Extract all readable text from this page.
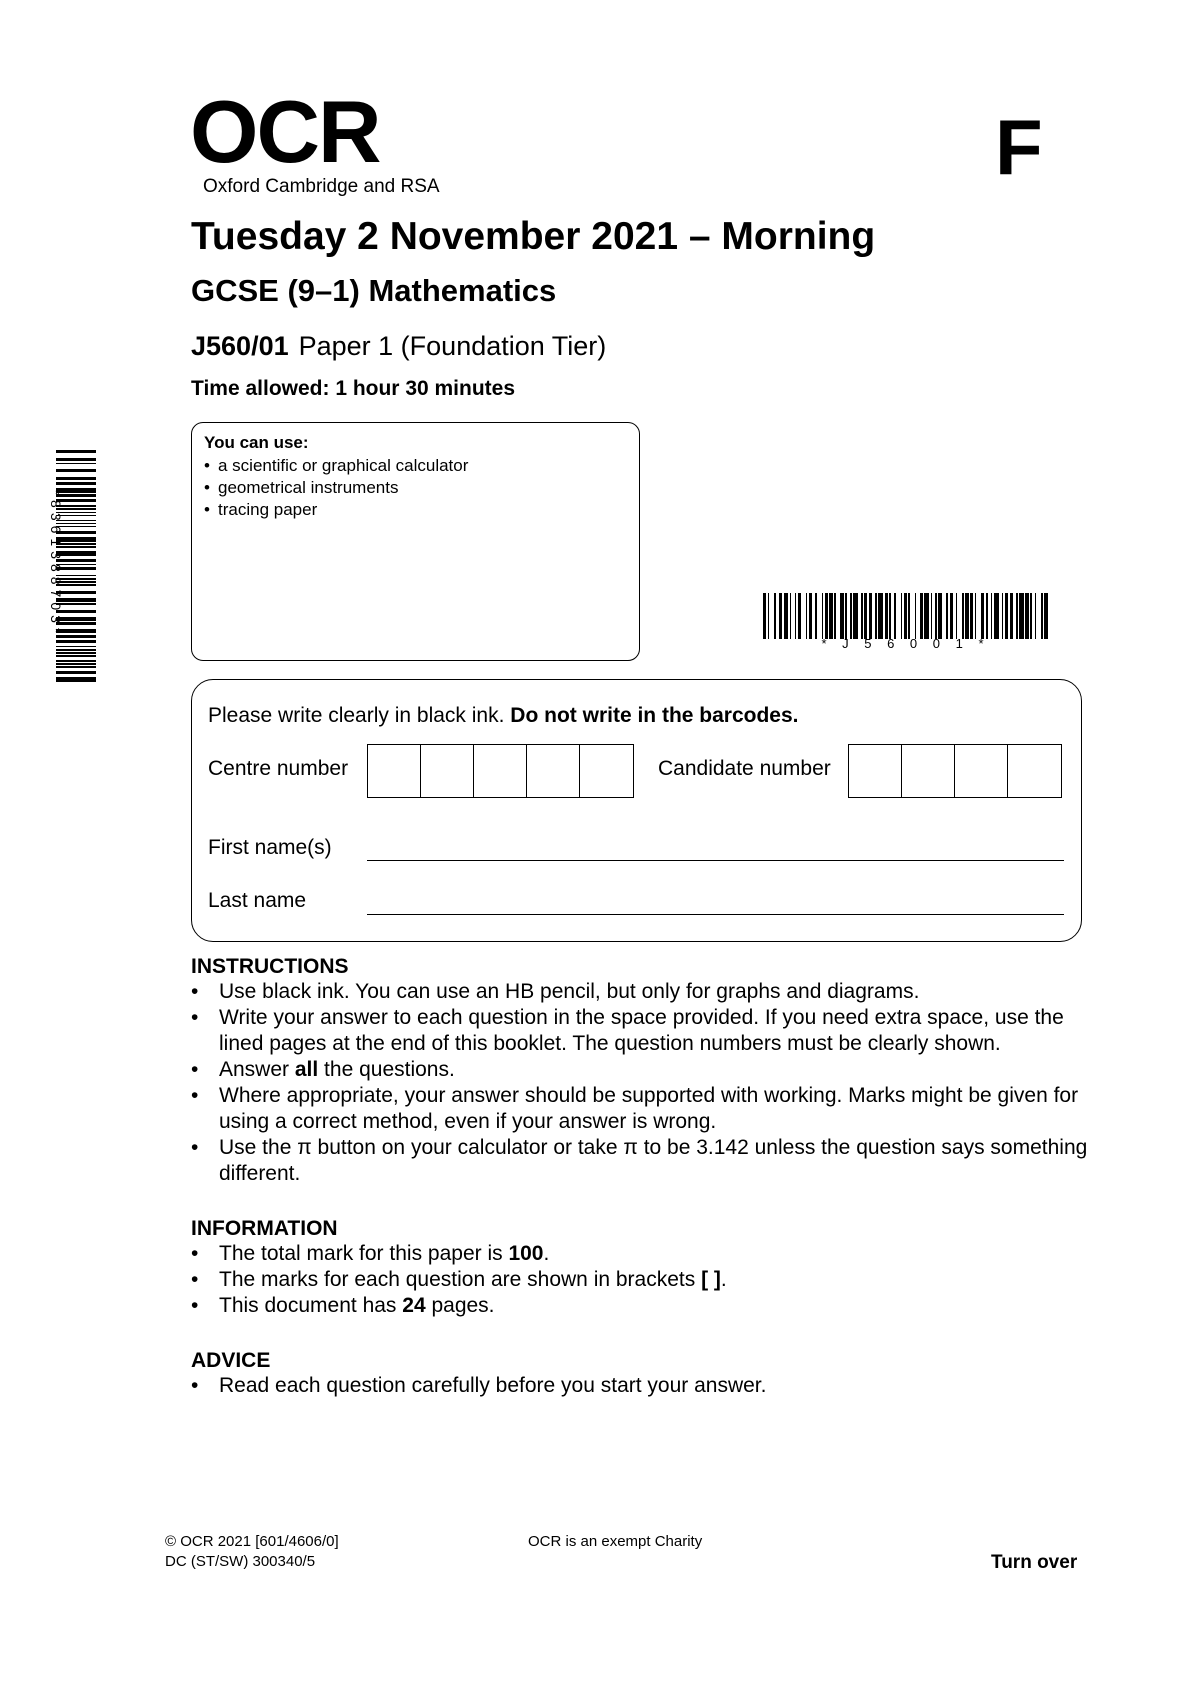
OCR
Oxford Cambridge and RSA	F
Tuesday 2 November 2021 – Morning
GCSE (9–1) Mathematics
J560/01 Paper 1 (Foundation Tier)
Time allowed: 1 hour 30 minutes
*8361388703*
You can use:
• a scientific or graphical calculator
• geometrical instruments
• tracing paper
* J 5 6 0 0 1 *
Please write clearly in black ink. Do not write in the barcodes.
Centre number	Candidate number
First name(s)
Last name
INSTRUCTIONS
• Use black ink. You can use an HB pencil, but only for graphs and diagrams.
• Write your answer to each question in the space provided. If you need extra space, use the lined pages at the end of this booklet. The question numbers must be clearly shown.
• Answer all the questions.
• Where appropriate, your answer should be supported with working. Marks might be given for using a correct method, even if your answer is wrong.
• Use the π button on your calculator or take π to be 3.142 unless the question says something different.
INFORMATION
• The total mark for this paper is 100.
• The marks for each question are shown in brackets [ ].
• This document has 24 pages.
ADVICE
• Read each question carefully before you start your answer.
© OCR 2021 [601/4606/0]
DC (ST/SW) 300340/5
OCR is an exempt Charity
Turn over
